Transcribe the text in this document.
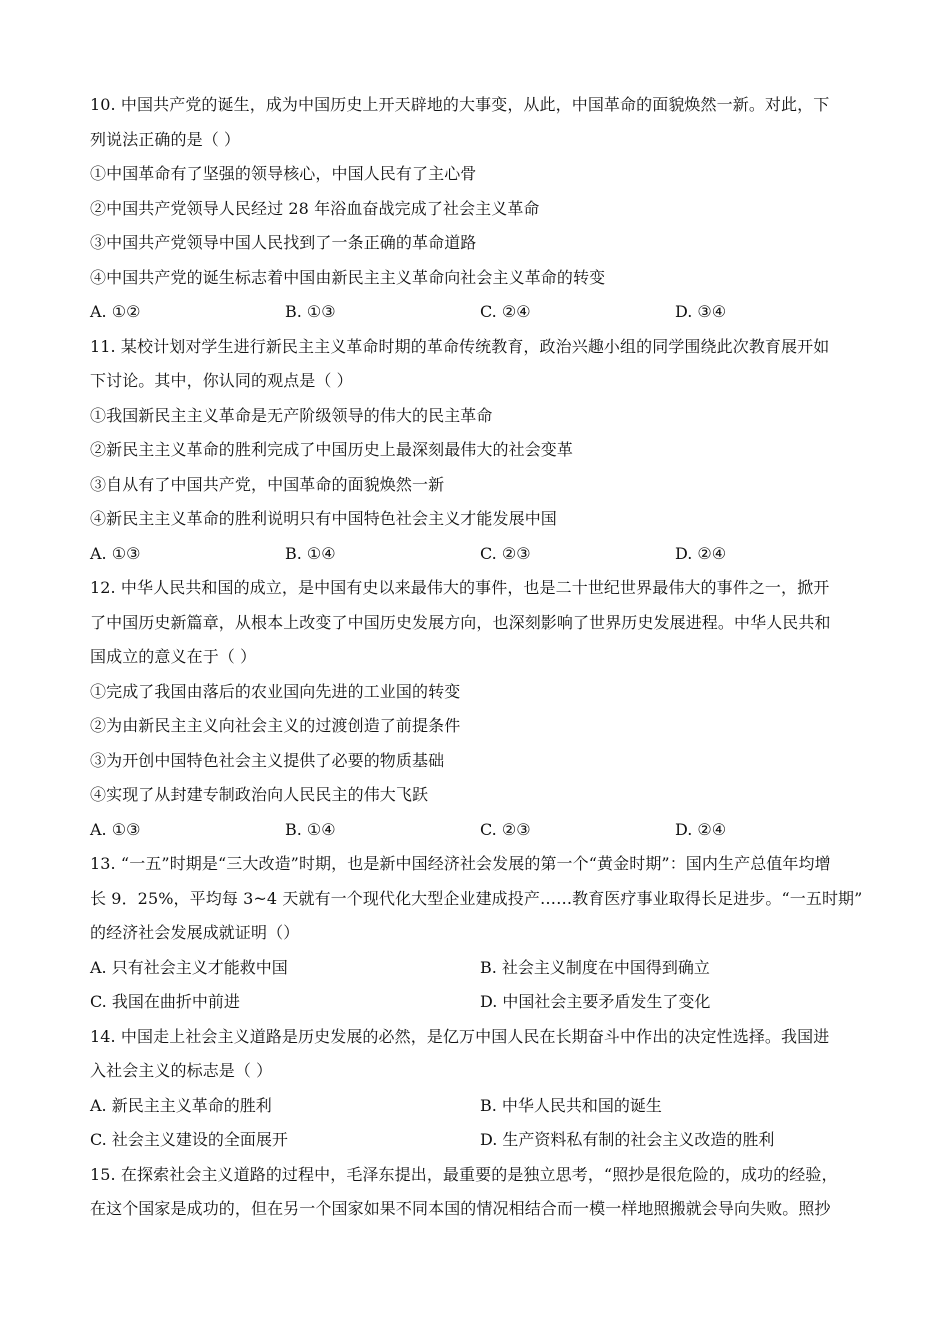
10. 中国共产党的诞生，成为中国历史上开天辟地的大事变，从此，中国革命的面貌焕然一新。对此，下
列说法正确的是（ ）
①中国革命有了坚强的领导核心，中国人民有了主心骨
②中国共产党领导人民经过 28 年浴血奋战完成了社会主义革命
③中国共产党领导中国人民找到了一条正确的革命道路
④中国共产党的诞生标志着中国由新民主主义革命向社会主义革命的转变
A. ①②	B. ①③	C. ②④	D. ③④
11. 某校计划对学生进行新民主主义革命时期的革命传统教育，政治兴趣小组的同学围绕此次教育展开如
下讨论。其中，你认同的观点是（ ）
①我国新民主主义革命是无产阶级领导的伟大的民主革命
②新民主主义革命的胜利完成了中国历史上最深刻最伟大的社会变革
③自从有了中国共产党，中国革命的面貌焕然一新
④新民主主义革命的胜利说明只有中国特色社会主义才能发展中国
A. ①③	B. ①④	C. ②③	D. ②④
12. 中华人民共和国的成立，是中国有史以来最伟大的事件，也是二十世纪世界最伟大的事件之一，掀开
了中国历史新篇章，从根本上改变了中国历史发展方向，也深刻影响了世界历史发展进程。中华人民共和
国成立的意义在于（ ）
①完成了我国由落后的农业国向先进的工业国的转变
②为由新民主主义向社会主义的过渡创造了前提条件
③为开创中国特色社会主义提供了必要的物质基础
④实现了从封建专制政治向人民民主的伟大飞跃
A. ①③	B. ①④	C. ②③	D. ②④
13. “一五”时期是“三大改造”时期，也是新中国经济社会发展的第一个“黄金时期”：国内生产总值年均增
长 9．25%，平均每 3~4 天就有一个现代化大型企业建成投产……教育医疗事业取得长足进步。“一五时期”
的经济社会发展成就证明（）
A. 只有社会主义才能救中国	B. 社会主义制度在中国得到确立
C. 我国在曲折中前进	D. 中国社会主要矛盾发生了变化
14. 中国走上社会主义道路是历史发展的必然，是亿万中国人民在长期奋斗中作出的决定性选择。我国进
入社会主义的标志是（ ）
A. 新民主主义革命的胜利	B. 中华人民共和国的诞生
C. 社会主义建设的全面展开	D. 生产资料私有制的社会主义改造的胜利
15. 在探索社会主义道路的过程中，毛泽东提出，最重要的是独立思考，“照抄是很危险的，成功的经验，
在这个国家是成功的，但在另一个国家如果不同本国的情况相结合而一模一样地照搬就会导向失败。照抄
